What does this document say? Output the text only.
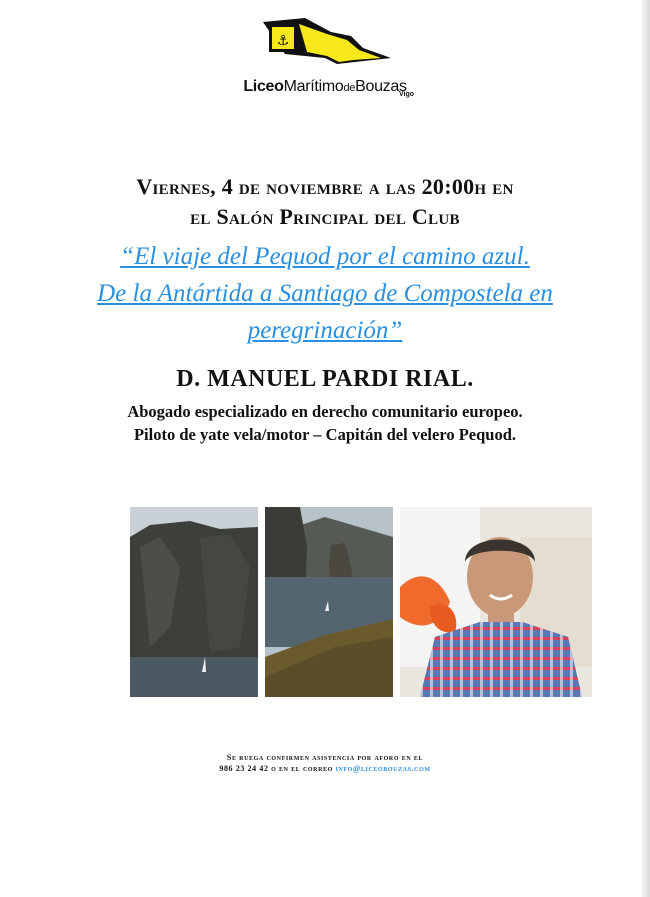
⚓
LiceoMarítimodeBouzas
Vigo
Viernes, 4 de noviembre a las 20:00h en
el Salón Principal del Club
“El viaje del Pequod por el camino azul.
De la Antártida a Santiago de Compostela en
peregrinación”
D. MANUEL PARDI RIAL.
Abogado especializado en derecho comunitario europeo.
Piloto de yate vela/motor – Capitán del velero Pequod.
Se ruega confirmen asistencia por aforo en el
986 23 24 42 o en el correo info@liceobouzas.com
